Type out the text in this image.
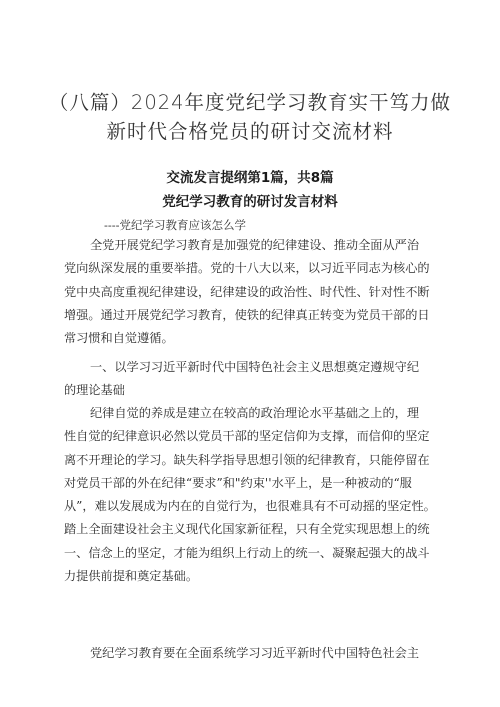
（八篇）2024年度党纪学习教育实干笃力做
新时代合格党员的研讨交流材料
交流发言提纲第1篇，共8篇
党纪学习教育的研讨发言材料
----党纪学习教育应该怎么学
全党开展党纪学习教育是加强党的纪律建设、推动全面从严治
党向纵深发展的重要举措。党的十八大以来，以习近平同志为核心的
党中央高度重视纪律建设，纪律建设的政治性、时代性、针对性不断
增强。通过开展党纪学习教育，使铁的纪律真正转变为党员干部的日
常习惯和自觉遵循。
一、以学习习近平新时代中国特色社会主义思想奠定遵规守纪
的理论基础
纪律自觉的养成是建立在较高的政治理论水平基础之上的，理
性自觉的纪律意识必然以党员干部的坚定信仰为支撑，而信仰的坚定
离不开理论的学习。缺失科学指导思想引领的纪律教育，只能停留在
对党员干部的外在纪律“要求”和"约束''水平上，是一种被动的“服
从”，难以发展成为内在的自觉行为，也很难具有不可动摇的坚定性。
踏上全面建设社会主义现代化国家新征程，只有全党实现思想上的统
一、信念上的坚定，才能为组织上行动上的统一、凝聚起强大的战斗
力提供前提和奠定基础。
党纪学习教育要在全面系统学习习近平新时代中国特色社会主
